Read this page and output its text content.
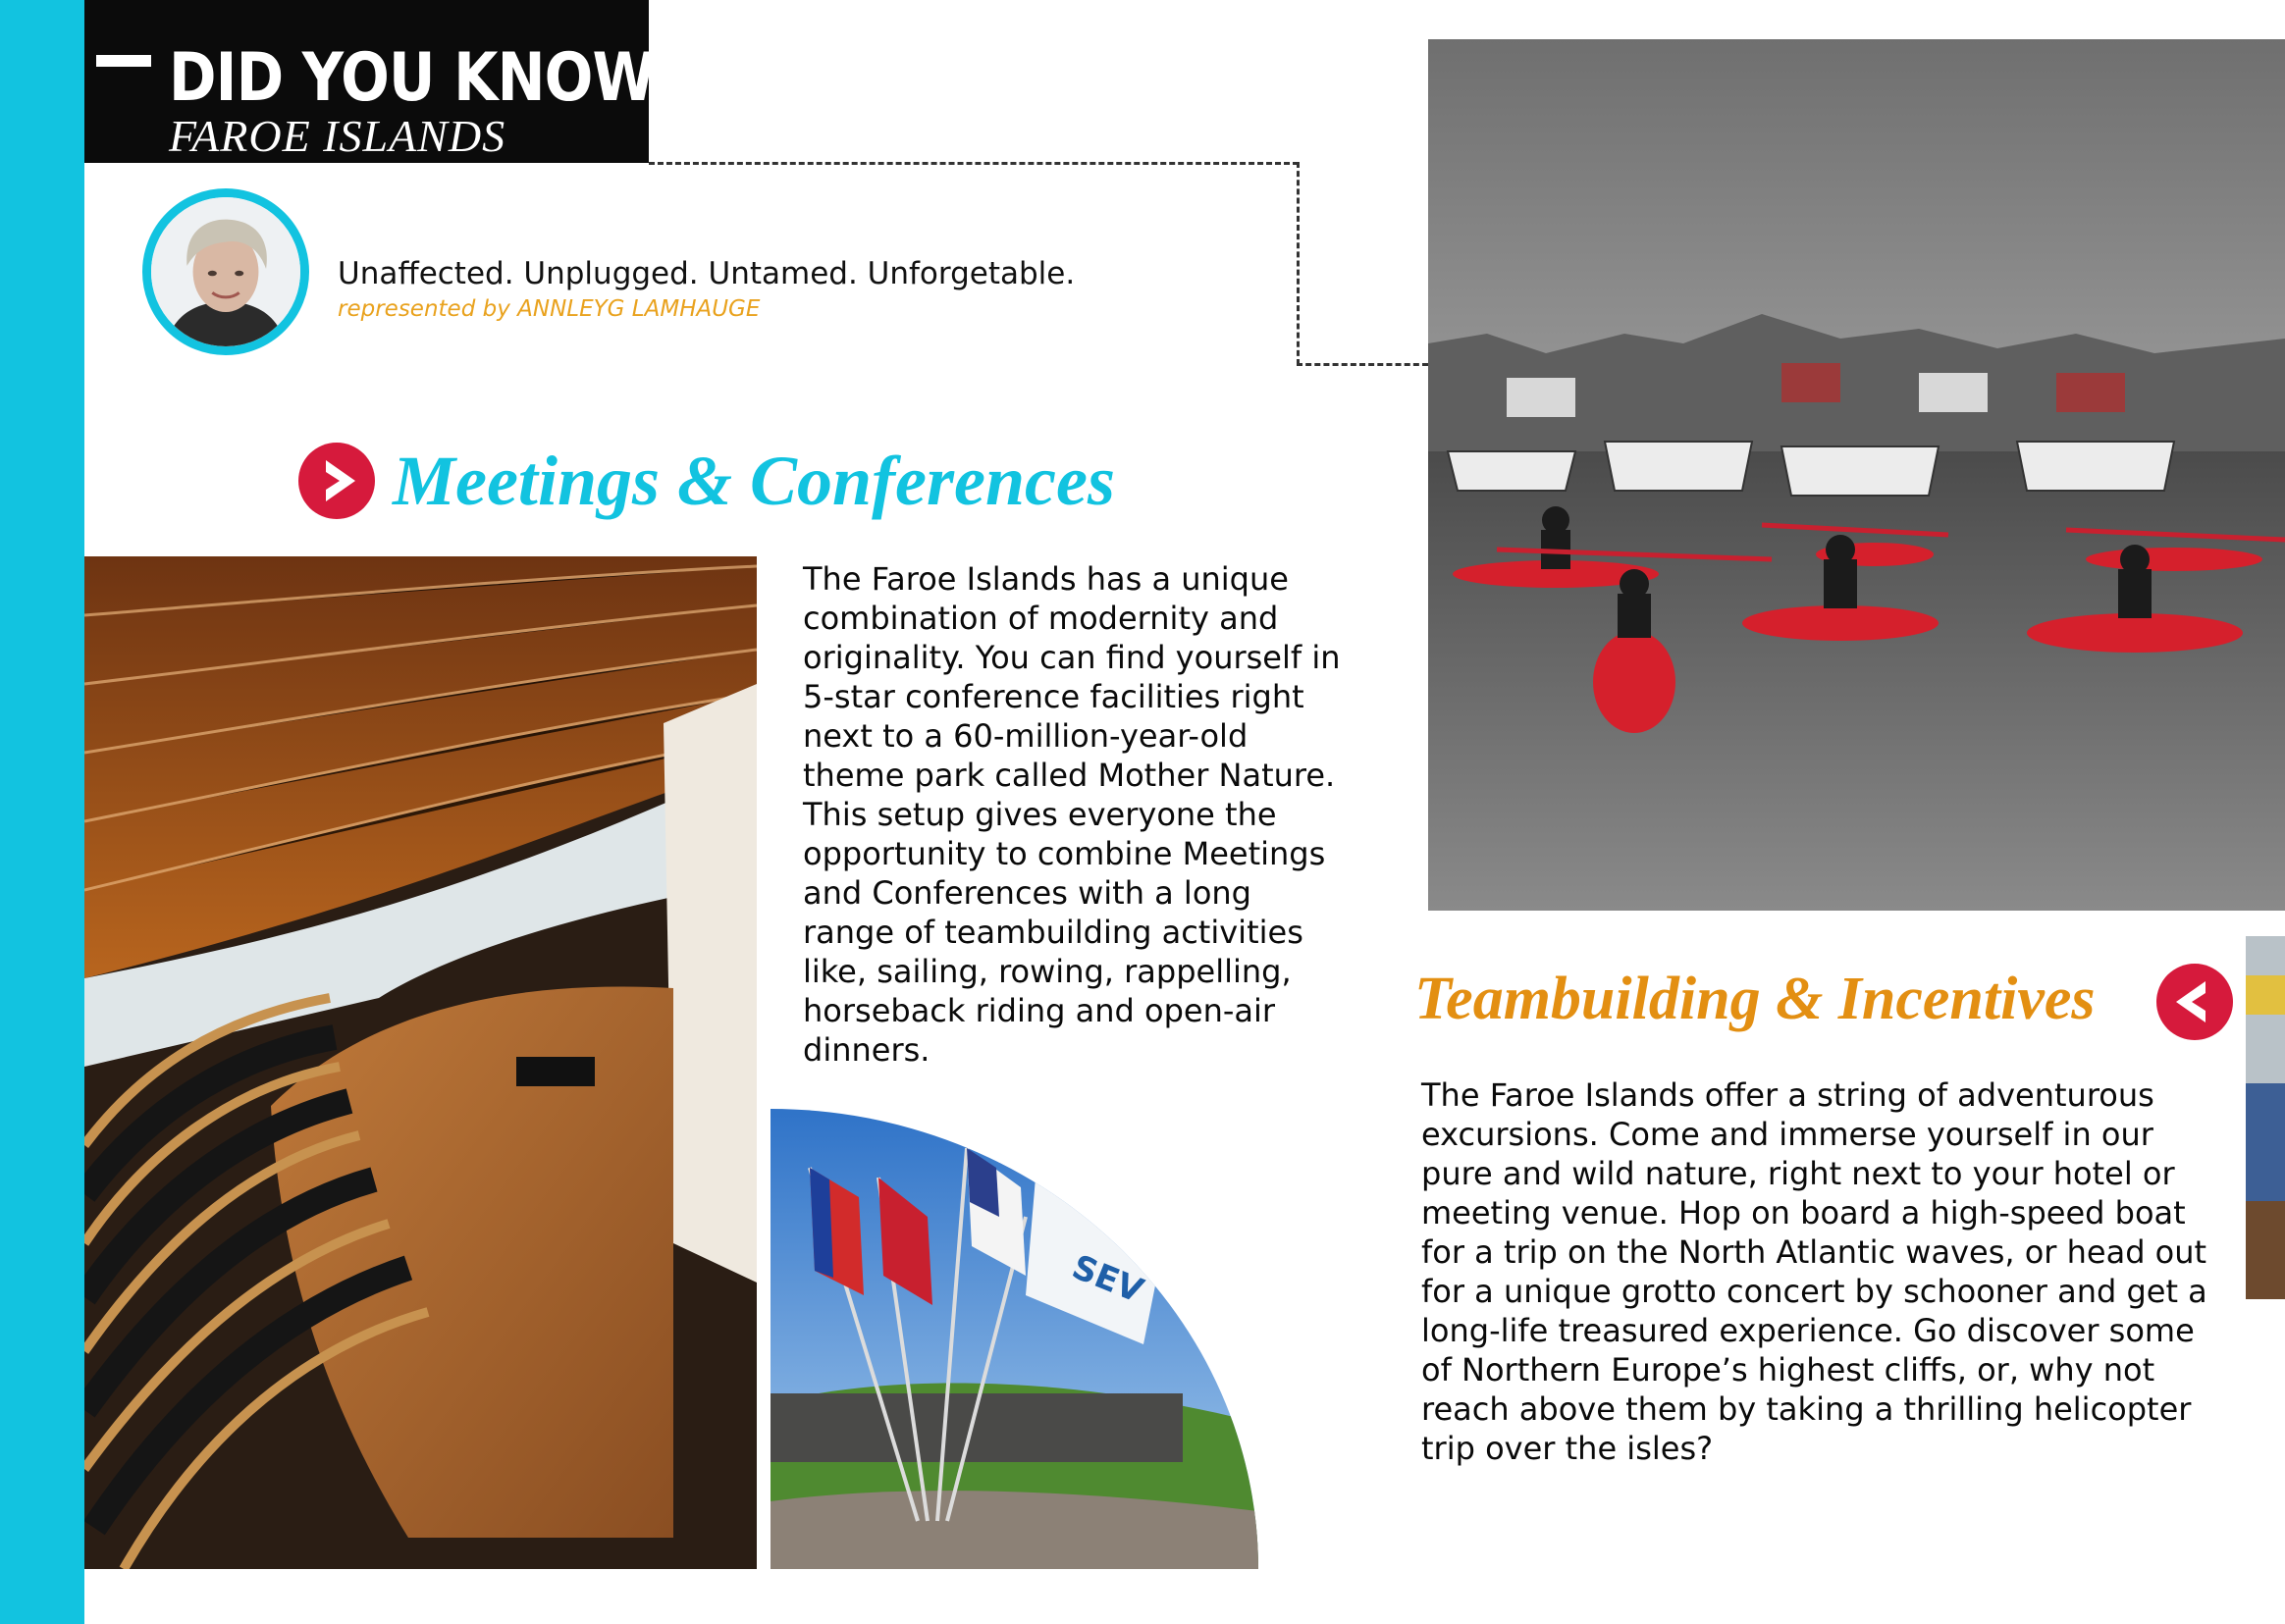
DID YOU KNOW?
FAROE ISLANDS
Unaffected. Unplugged. Untamed. Unforgetable.
represented by ANNLEYG LAMHAUGE
Meetings & Conferences
The Faroe Islands has a unique combination of modernity and originality. You can find yourself in 5-star conference facilities right next to a 60-million-year-old theme park called Mother Nature. This setup gives everyone the opportunity to combine Meetings and Conferences with a long range of teambuilding activities like, sailing, rowing, rappelling, horseback riding and open-air dinners.
SEV
Teambuilding & Incentives
The Faroe Islands offer a string of adventurous excursions. Come and immerse yourself in our pure and wild nature, right next to your hotel or meeting venue. Hop on board a high-speed boat for a trip on the North Atlantic waves, or head out for a unique grotto concert by schooner and get a long-life treasured experience. Go discover some of Northern Europe’s highest cliffs, or, why not reach above them by taking a thrilling helicopter trip over the isles?
